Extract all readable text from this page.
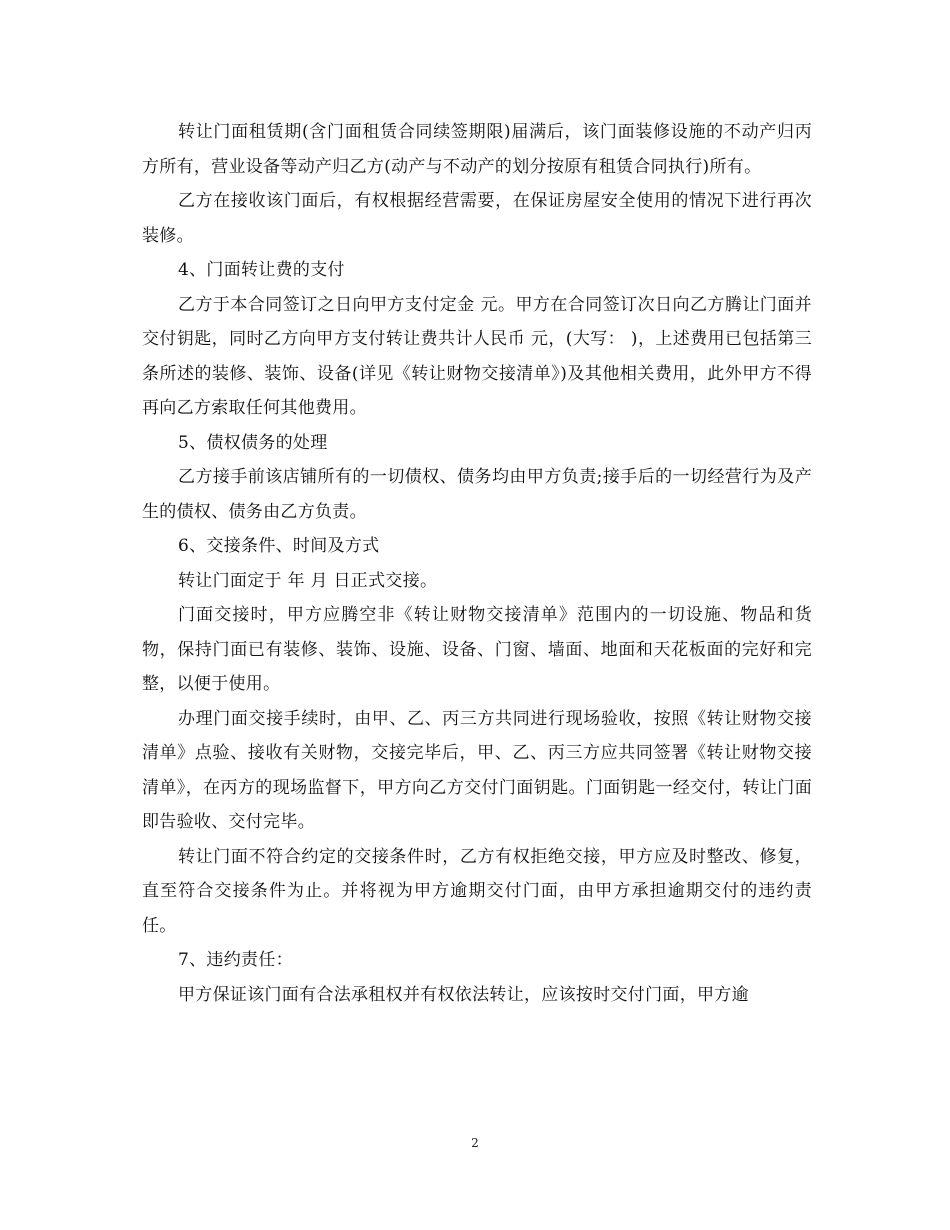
转让门面租赁期(含门面租赁合同续签期限)届满后，该门面装修设施的不动产归丙方所有，营业设备等动产归乙方(动产与不动产的划分按原有租赁合同执行)所有。

乙方在接收该门面后，有权根据经营需要，在保证房屋安全使用的情况下进行再次装修。

4、门面转让费的支付

乙方于本合同签订之日向甲方支付定金 元。甲方在合同签订次日向乙方腾让门面并交付钥匙，同时乙方向甲方支付转让费共计人民币 元，(大写： )，上述费用已包括第三条所述的装修、装饰、设备(详见《转让财物交接清单》)及其他相关费用，此外甲方不得再向乙方索取任何其他费用。

5、债权债务的处理

乙方接手前该店铺所有的一切债权、债务均由甲方负责;接手后的一切经营行为及产生的债权、债务由乙方负责。

6、交接条件、时间及方式

转让门面定于 年 月 日正式交接。

门面交接时，甲方应腾空非《转让财物交接清单》范围内的一切设施、物品和货物，保持门面已有装修、装饰、设施、设备、门窗、墙面、地面和天花板面的完好和完整，以便于使用。

办理门面交接手续时，由甲、乙、丙三方共同进行现场验收，按照《转让财物交接清单》点验、接收有关财物，交接完毕后，甲、乙、丙三方应共同签署《转让财物交接清单》，在丙方的现场监督下，甲方向乙方交付门面钥匙。门面钥匙一经交付，转让门面即告验收、交付完毕。

转让门面不符合约定的交接条件时，乙方有权拒绝交接，甲方应及时整改、修复，直至符合交接条件为止。并将视为甲方逾期交付门面，由甲方承担逾期交付的违约责任。

7、违约责任：

甲方保证该门面有合法承租权并有权依法转让，应该按时交付门面，甲方逾

2
